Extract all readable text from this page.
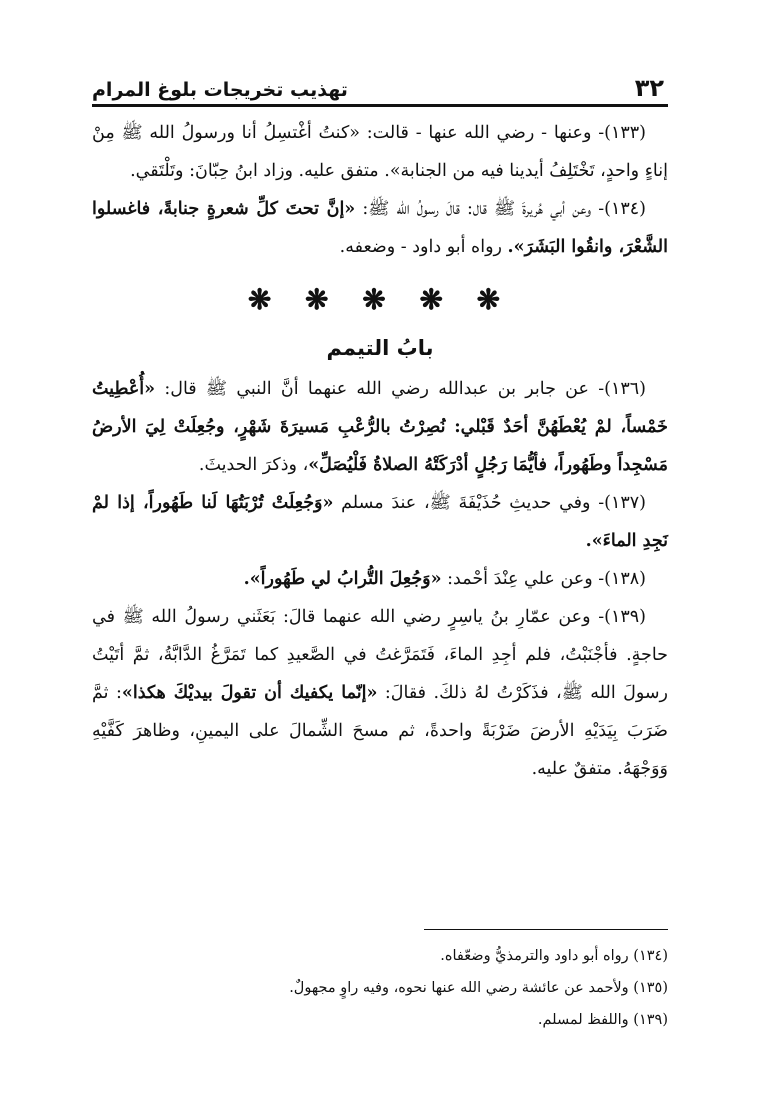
٣٢
تهذيب تخريجات بلوغ المرام

(١٣٣)- وعنها - رضي الله عنها - قالت: «كنتُ أغْتسِلُ أنا ورسولُ الله ﷺ مِنْ إناءٍ واحدٍ، تَخْتَلِفُ أيدينا فيه من الجنابة». متفق عليه. وزاد ابنُ حِبّانَ: وتَلْتَقي.

(١٣٤)- وعن أبي هُريرةَ ﷺ قال: قالَ رسولُ الله ﷺ: «إنَّ تحتَ كلِّ شعرةٍ جنابةً، فاغسلوا الشَّعْرَ، وانقُوا البَشَرَ». رواه أبو داود - وضعفه.

❋ ❋ ❋ ❋ ❋
بابُ التيمم

(١٣٦)- عن جابر بن عبدالله رضي الله عنهما أنَّ النبي ﷺ قال: «أُعْطِيتُ خَمْساً، لمْ يُعْطَهُنَّ أحَدٌ قَبْلي: نُصِرْتُ بالرُّعْبِ مَسيرَةَ شَهْرٍ، وجُعِلَتْ لِيَ الأرضُ مَسْجِداً وطَهُوراً، فأيُّمَا رَجُلٍ أدْرَكَتْهُ الصلاةُ فَلْيُصَلِّ»، وذكرَ الحديثَ.

(١٣٧)- وفي حديثِ حُذَيْفَةَ ﷺ، عندَ مسلم «وَجُعِلَتْ تُرْبَتُهَا لَنا طَهُوراً، إذا لمْ نَجِدِ الماءَ».

(١٣٨)- وعن علي عِنْدَ أحْمد: «وَجُعِلَ التُّرابُ لي طَهُوراً».

(١٣٩)- وعن عمّارِ بنُ ياسِرٍ رضي الله عنهما قالَ: بَعَثَني رسولُ الله ﷺ في حاجةٍ. فأجْنَبْتُ، فلم أجِدِ الماءَ، فَتَمَرَّغتُ في الصَّعيدِ كما تَمَرَّغُ الدَّابَّةُ، ثمَّ أتَيْتُ رسولَ الله ﷺ، فذَكَرْتُ لهُ ذلكَ. فقالَ: «إنّما يكفيك أن تقولَ بيديْكَ هكذا»: ثمَّ ضَرَبَ بِيَدَيْهِ الأرضَ ضَرْبَةً واحدةً، ثم مسحَ الشِّمالَ على اليمينِ، وظاهرَ كَفَّيْهِ وَوَجْهَهُ. متفقٌ عليه.

(١٣٤) رواه أبو داود والترمذيُّ وضعّفاه.

(١٣٥) ولأحمد عن عائشة رضي الله عنها نحوه، وفيه راوٍ مجهولٌ.

(١٣٩) واللفظ لمسلم.
